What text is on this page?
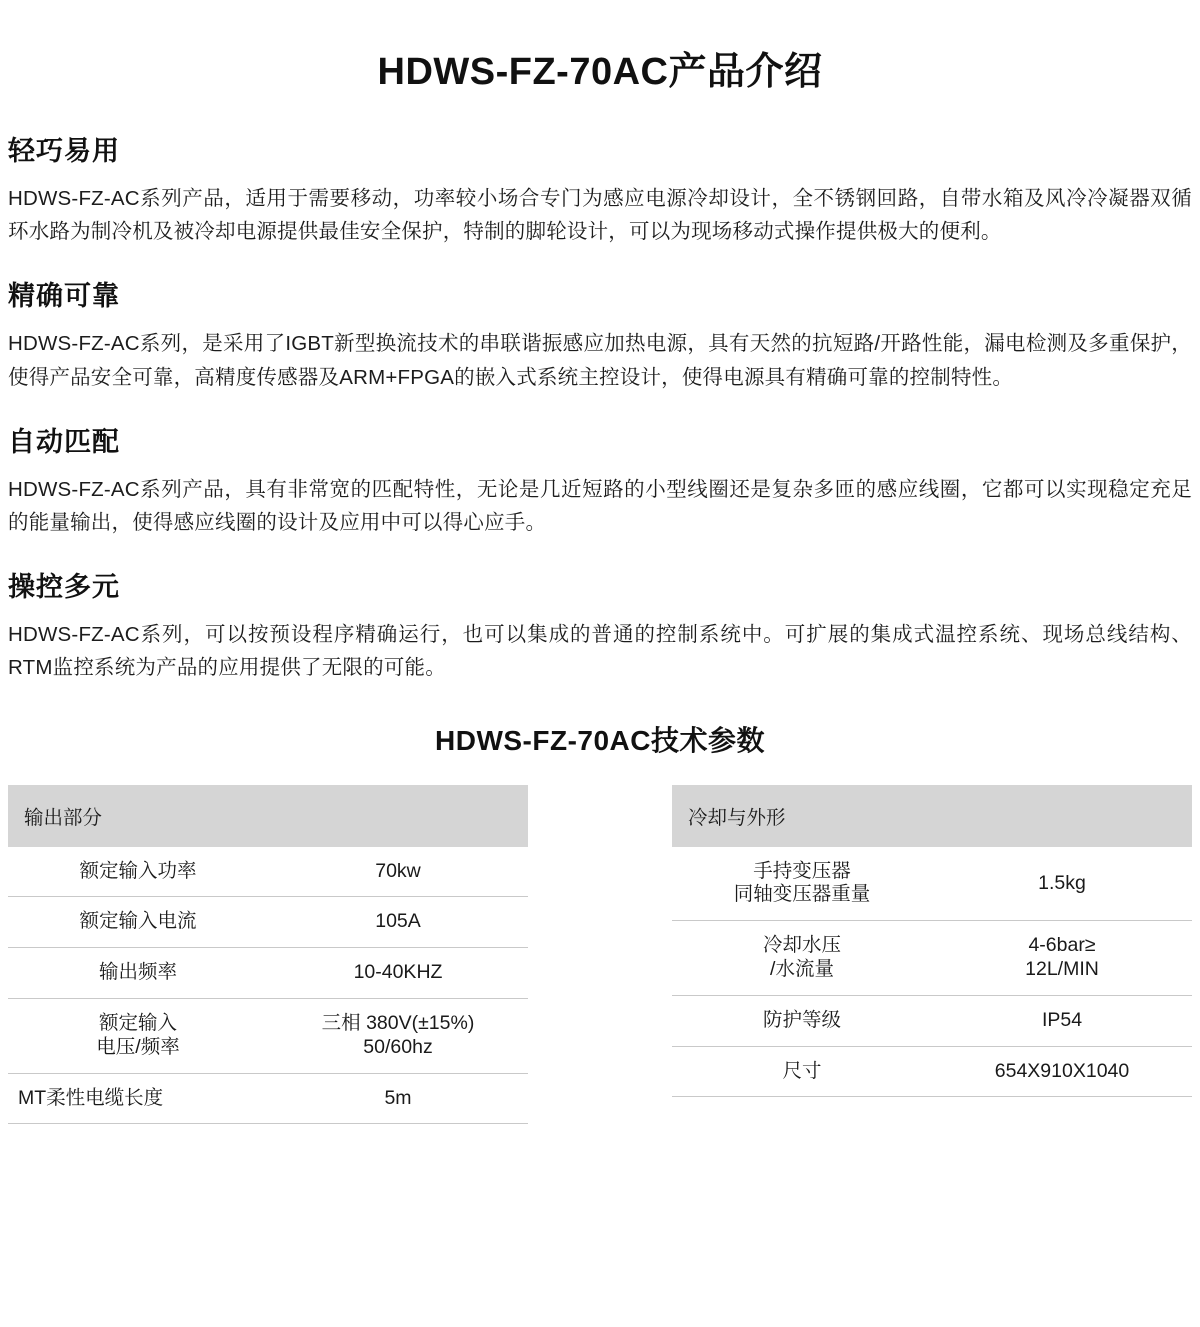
HDWS-FZ-70AC产品介绍
轻巧易用

HDWS-FZ-AC系列产品，适用于需要移动，功率较小场合专门为感应电源冷却设计，全不锈钢回路，自带水箱及风冷冷凝器双循环水路为制冷机及被冷却电源提供最佳安全保护，特制的脚轮设计，可以为现场移动式操作提供极大的便利。

精确可靠

HDWS-FZ-AC系列，是采用了IGBT新型换流技术的串联谐振感应加热电源，具有天然的抗短路/开路性能，漏电检测及多重保护，使得产品安全可靠，高精度传感器及ARM+FPGA的嵌入式系统主控设计，使得电源具有精确可靠的控制特性。

自动匹配

HDWS-FZ-AC系列产品，具有非常宽的匹配特性，无论是几近短路的小型线圈还是复杂多匝的感应线圈，它都可以实现稳定充足的能量输出，使得感应线圈的设计及应用中可以得心应手。

操控多元

HDWS-FZ-AC系列，可以按预设程序精确运行，也可以集成的普通的控制系统中。可扩展的集成式温控系统、现场总线结构、RTM监控系统为产品的应用提供了无限的可能。

HDWS-FZ-70AC技术参数
输出部分	
额定输入功率	70kw
额定输入电流	105A
输出频率	10-40KHZ

额定输入
电压/频率	三相 380V(±15%)
50/60hz

MT柔性电缆长度	5m
冷却与外形	

手持变压器
同轴变压器重量	1.5kg

冷却水压
/水流量	4-6bar≥
12L/MIN

防护等级	IP54
尺寸	654X910X1040
